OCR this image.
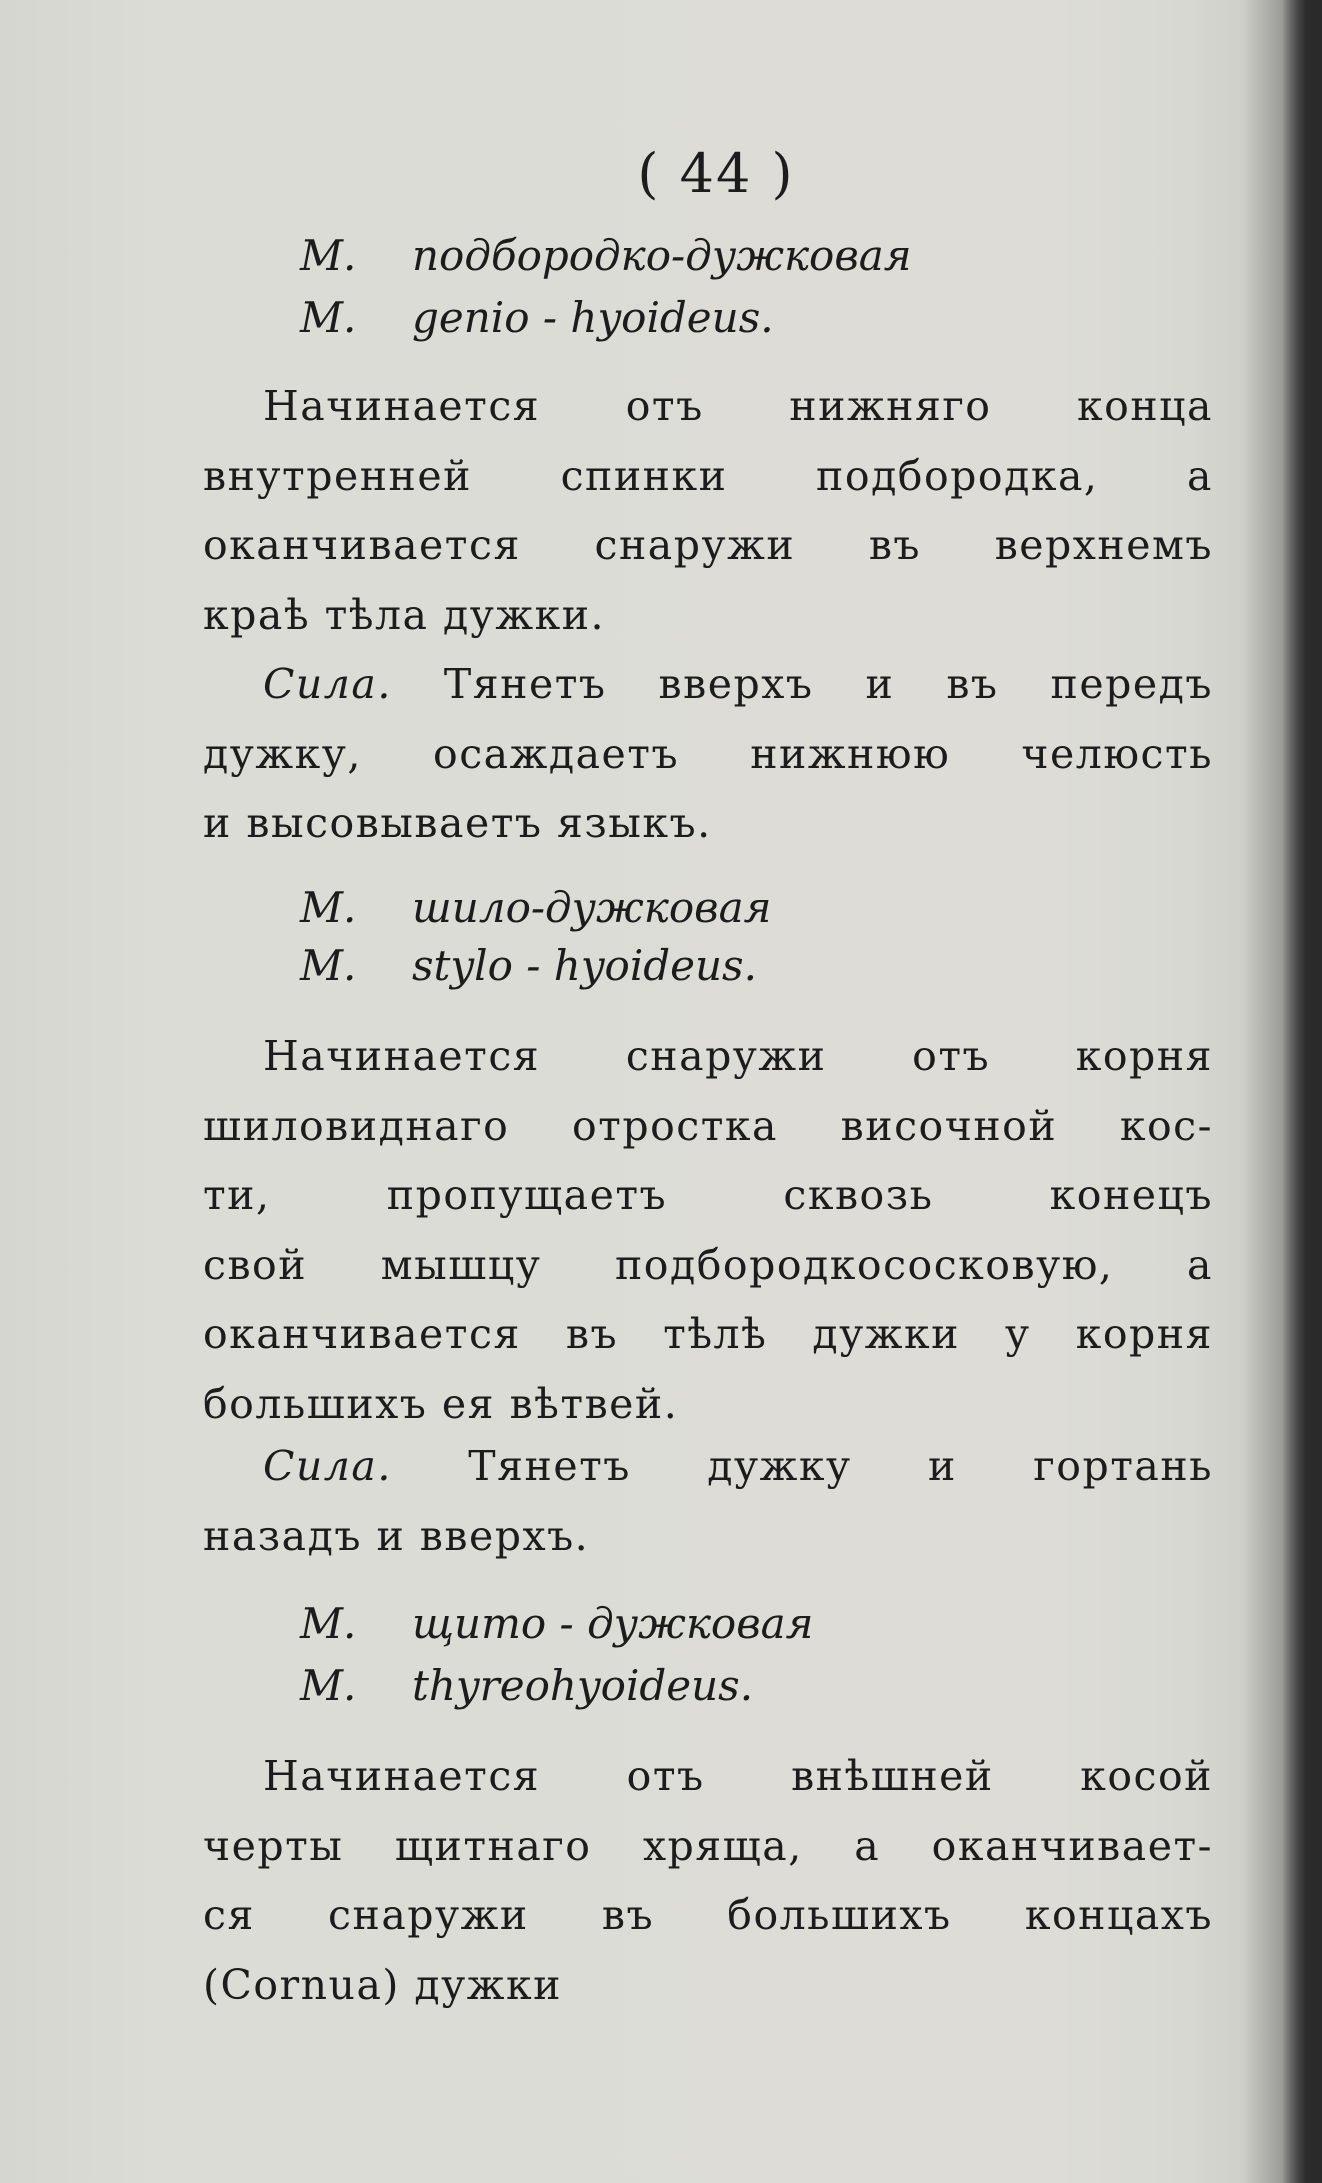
( 44 )
М. подбородко-дужковая
M. genio - hyoideus.
Начинается отъ нижняго конца
внутренней спинки подбородка, а
оканчивается снаружи въ верхнемъ
краѣ тѣла дужки.
Сила. Тянетъ вверхъ и въ передъ
дужку, осаждаетъ нижнюю челюсть
и высовываетъ языкъ.
М. шило-дужковая
M. stylo - hyoideus.
Начинается снаружи отъ корня
шиловиднаго отростка височной кос-
ти, пропущаетъ сквозь конецъ
свой мышцу подбородкососковую, а
оканчивается въ тѣлѣ дужки у корня
большихъ ея вѣтвей.
Сила. Тянетъ дужку и гортань
назадъ и вверхъ.
М. щито - дужковая
M. thyreohyoideus.
Начинается отъ внѣшней косой
черты щитнаго хряща, а оканчивает-
ся снаружи въ большихъ концахъ
(Cornua) дужки
